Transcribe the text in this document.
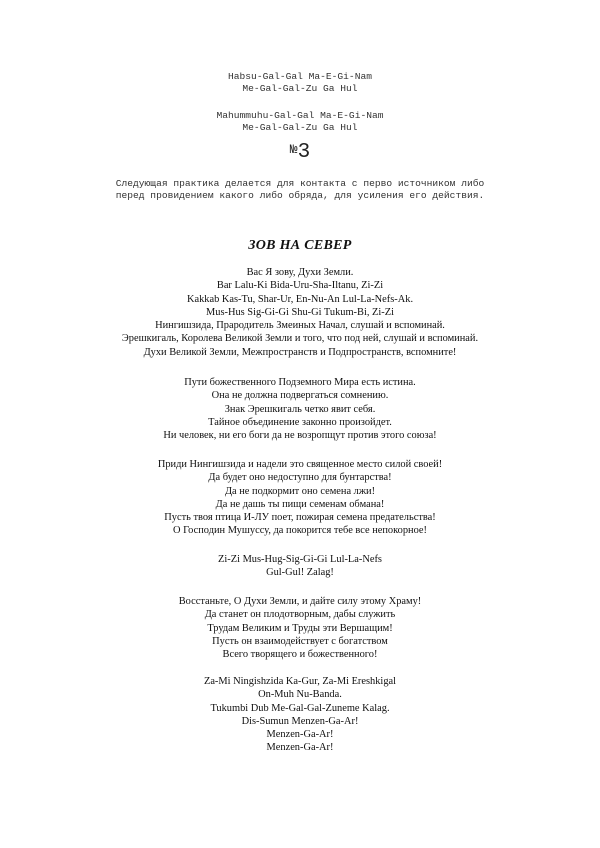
Habsu-Gal-Gal Ma-E-Gi-Nam
Me-Gal-Gal-Zu Ga Hul
Mahummuhu-Gal-Gal Ma-E-Gi-Nam
Me-Gal-Gal-Zu Ga Hul
№3
Следующая практика делается для контакта с перво источником либо
перед провидением какого либо обряда, для усиления его действия.
ЗОВ НА СЕВЕР
Вас Я зову, Духи Земли.
Bar Lalu-Ki Bida-Uru-Sha-Iltanu, Zi-Zi
Kakkab Kas-Tu, Shar-Ur, En-Nu-An Lul-La-Nefs-Ak.
Mus-Hus Sig-Gi-Gi Shu-Gi Tukum-Bi, Zi-Zi
Нингишзида, Прародитель Змеиных Начал, слушай и вспоминай.
Эрешкигаль, Королева Великой Земли и того, что под ней, слушай и вспоминай.
Духи Великой Земли, Межпространств и Подпространств, вспомните!
Пути божественного Подземного Мира есть истина.
Она не должна подвергаться сомнению.
Знак Эрешкигаль четко явит себя.
Тайное объединение законно произойдет.
Ни человек, ни его боги да не возропщут против этого союза!
Приди Нингишзида и надели это священное место силой своей!
Да будет оно недоступно для бунтарства!
Да не подкормит оно семена лжи!
Да не дашь ты пищи семенам обмана!
Пусть твоя птица И-ЛУ поет, пожирая семена предательства!
О Господин Мушуссу, да покорится тебе все непокорное!
Zi-Zi Mus-Hug-Sig-Gi-Gi Lul-La-Nefs
Gul-Gul! Zalag!
Восстаньте, О Духи Земли, и дайте силу этому Храму!
Да станет он плодотворным, дабы служить
Трудам Великим и Труды эти Вершащим!
Пусть он взаимодействует с богатством
Всего творящего и божественного!
Za-Mi Ningishzida Ka-Gur, Za-Mi Ereshkigal
On-Muh Nu-Banda.
Tukumbi Dub Me-Gal-Gal-Zuneme Kalag.
Dis-Sumun Menzen-Ga-Ar!
Menzen-Ga-Ar!
Menzen-Ga-Ar!
